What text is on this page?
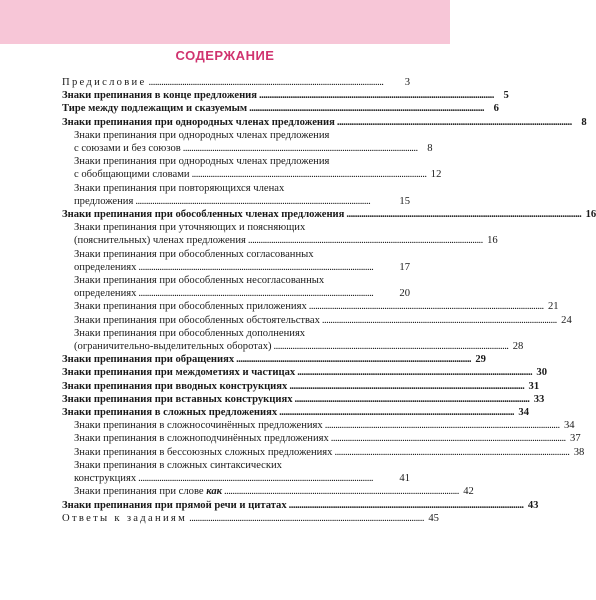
СОДЕРЖАНИЕ
Предисловие . . .	3
Знаки препинания в конце предложения . . .	5
Тире между подлежащим и сказуемым . . .	6
Знаки препинания при однородных членах предложения . . .	8
Знаки препинания при однородных членах предложения
с союзами и без союзов . . .	8
Знаки препинания при однородных членах предложения
с обобщающими словами . . .	12
Знаки препинания при повторяющихся членах
предложения . . .	15
Знаки препинания при обособленных членах предложения . . .	16
Знаки препинания при уточняющих и поясняющих
(пояснительных) членах предложения . . .	16
Знаки препинания при обособленных согласованных
определениях . . .	17
Знаки препинания при обособленных несогласованных
определениях . . .	20
Знаки препинания при обособленных приложениях . . .	21
Знаки препинания при обособленных обстоятельствах . . .	24
Знаки препинания при обособленных дополнениях
(ограничительно-выделительных оборотах) . . .	28
Знаки препинания при обращениях . . .	29
Знаки препинания при междометиях и частицах . . .	30
Знаки препинания при вводных конструкциях . . .	31
Знаки препинания при вставных конструкциях . . .	33
Знаки препинания в сложных предложениях . . .	34
Знаки препинания в сложносочинённых предложениях . . .	34
Знаки препинания в сложноподчинённых предложениях . . .	37
Знаки препинания в бессоюзных сложных предложениях . . .	38
Знаки препинания в сложных синтаксических
конструкциях . . .	41
Знаки препинания при слове как . . .	42
Знаки препинания при прямой речи и цитатах . . .	43
Ответы к заданиям . . .	45
